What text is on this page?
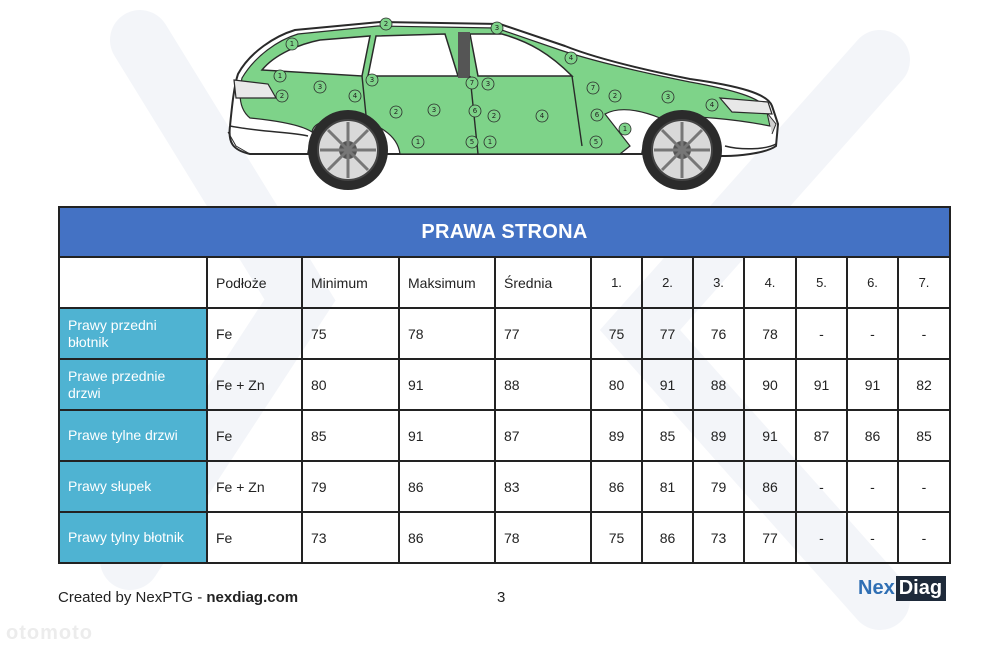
1
2	3
4
1
2
3
4
3
2
1
3
7
6
5
3
2
1
4
7
6
5
2
1
3
4
PRAWA STRONA											
	Podłoże	Minimum	Maksimum	Średnia	1.	2.	3.	4.	5.	6.	7.
Prawy przedni błotnik	Fe	75	78	77	75	77	76	78	-	-	-
Prawe przednie drzwi	Fe + Zn	80	91	88	80	91	88	90	91	91	82
Prawe tylne drzwi	Fe	85	91	87	89	85	89	91	87	86	85
Prawy słupek	Fe + Zn	79	86	83	86	81	79	86	-	-	-
Prawy tylny błotnik	Fe	73	86	78	75	86	73	77	-	-	-
Created by NexPTG - nexdiag.com	3	Nex Diag
otomoto
